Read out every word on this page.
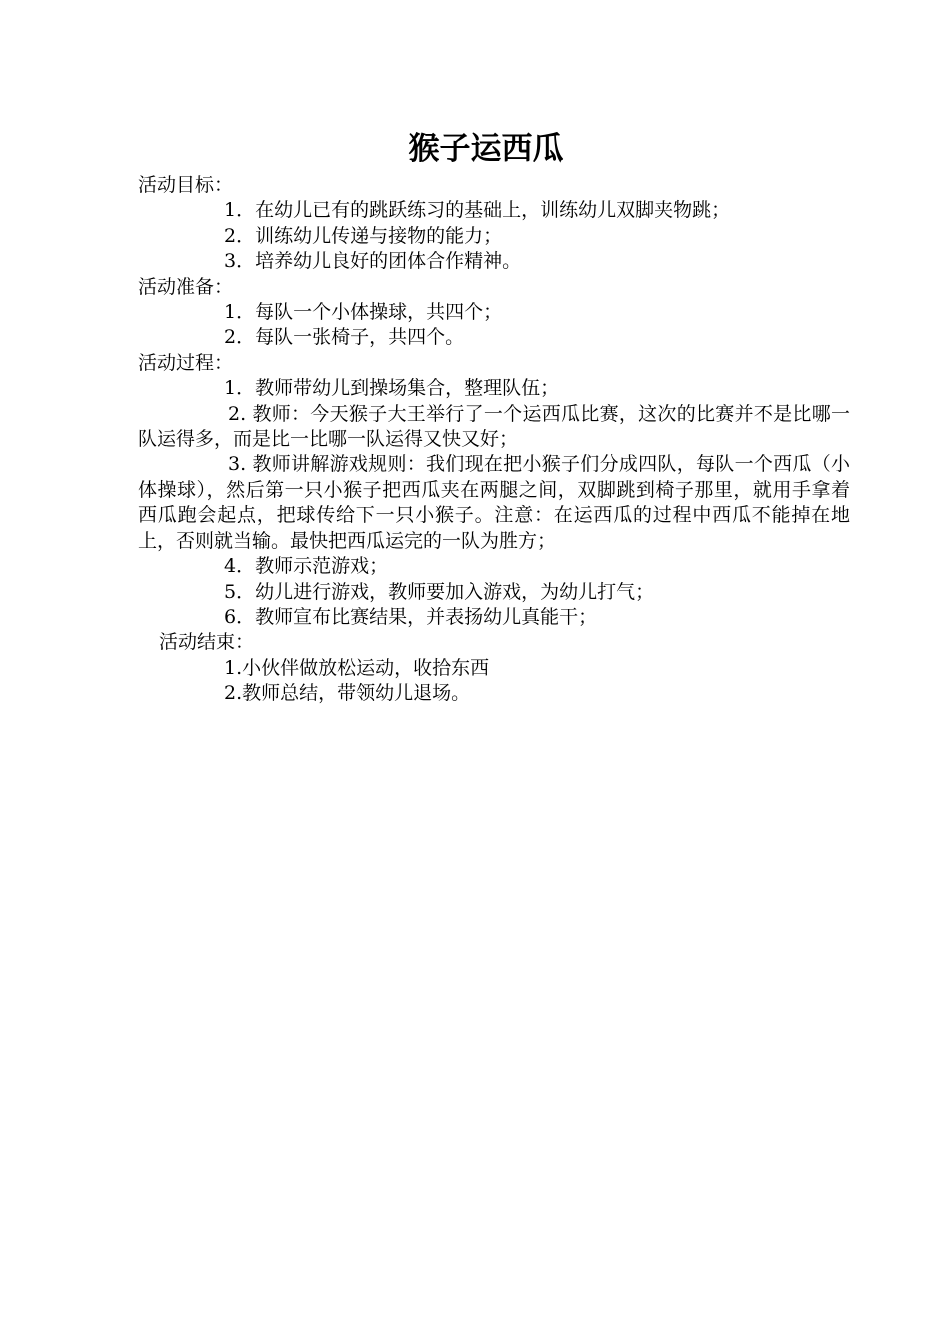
猴子运西瓜
活动目标：
1．在幼儿已有的跳跃练习的基础上，训练幼儿双脚夹物跳；
2．训练幼儿传递与接物的能力；
3．培养幼儿良好的团体合作精神。
活动准备：
1．每队一个小体操球，共四个；
2．每队一张椅子，共四个。
活动过程：
1．教师带幼儿到操场集合，整理队伍；

2. 教师：今天猴子大王举行了一个运西瓜比赛，这次的比赛并不是比哪一队运得多，而是比一比哪一队运得又快又好；

3. 教师讲解游戏规则：我们现在把小猴子们分成四队，每队一个西瓜（小体操球），然后第一只小猴子把西瓜夹在两腿之间，双脚跳到椅子那里，就用手拿着西瓜跑会起点，把球传给下一只小猴子。注意：在运西瓜的过程中西瓜不能掉在地上，否则就当输。最快把西瓜运完的一队为胜方；

4．教师示范游戏；
5．幼儿进行游戏，教师要加入游戏，为幼儿打气；
6．教师宣布比赛结果，并表扬幼儿真能干；
活动结束：
1.小伙伴做放松运动，收拾东西
2.教师总结，带领幼儿退场。
